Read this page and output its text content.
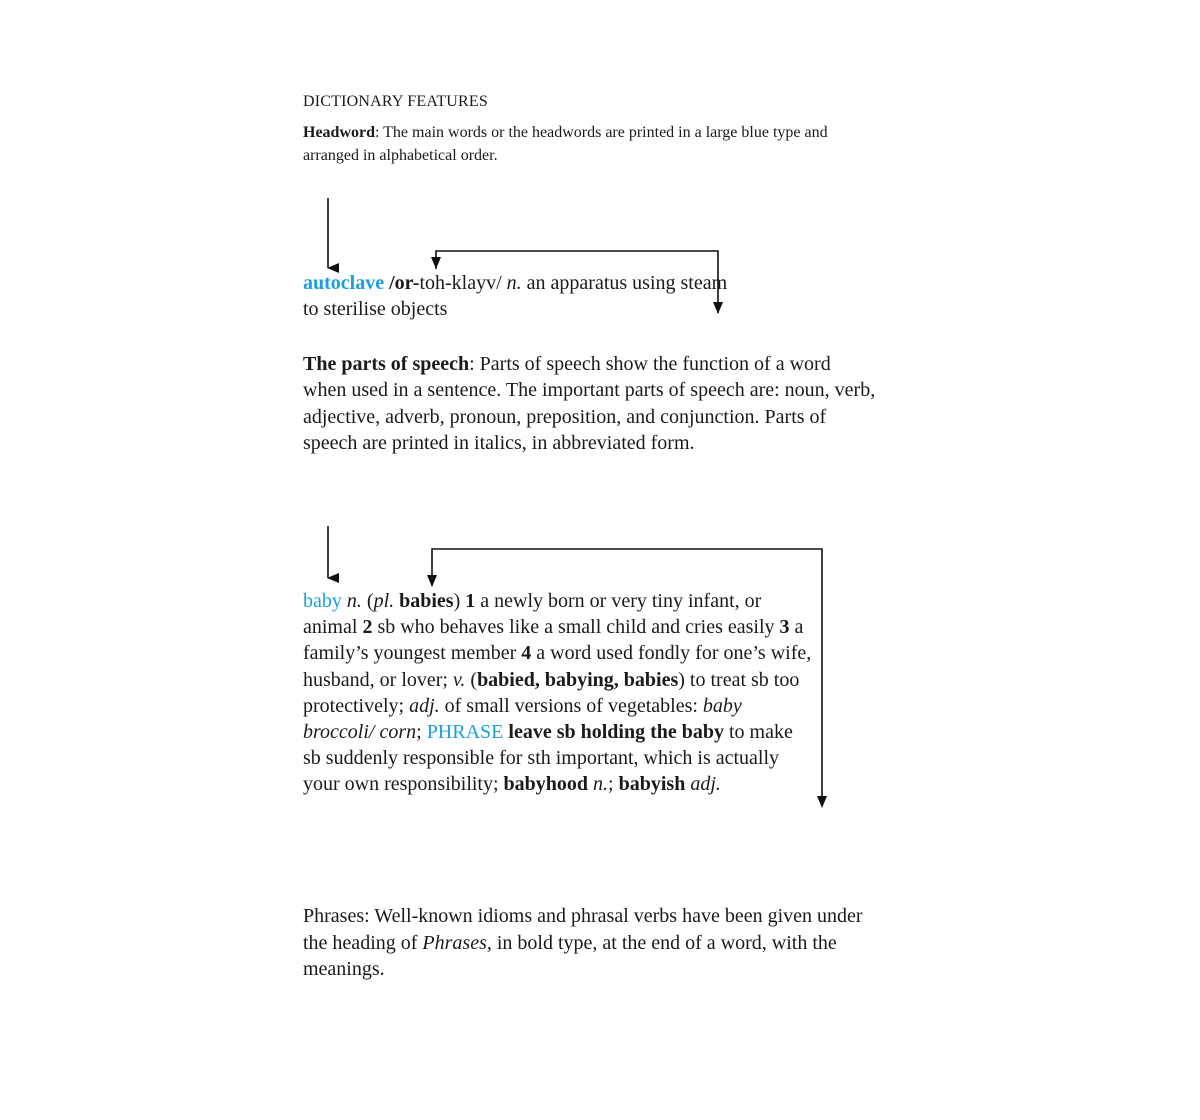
DICTIONARY FEATURES

Headword: The main words or the headwords are printed in a large blue type and arranged in alphabetical order.

autoclave /or-toh-klayv/ n. an apparatus using steam to sterilise objects

The parts of speech: Parts of speech show the function of a word when used in a sentence. The important parts of speech are: noun, verb, adjective, adverb, pronoun, preposition, and conjunction. Parts of speech are printed in italics, in abbreviated form.

baby n. (pl. babies) 1 a newly born or very tiny infant, or animal 2 sb who behaves like a small child and cries easily 3 a family’s youngest member 4 a word used fondly for one’s wife, husband, or lover; v. (babied, babying, babies) to treat sb too protectively; adj. of small versions of vegetables: baby broccoli/ corn; PHRASE leave sb holding the baby to make sb suddenly responsible for sth important, which is actually your own responsibility; babyhood n.; babyish adj.

Phrases: Well-known idioms and phrasal verbs have been given under the heading of Phrases, in bold type, at the end of a word, with the meanings.
